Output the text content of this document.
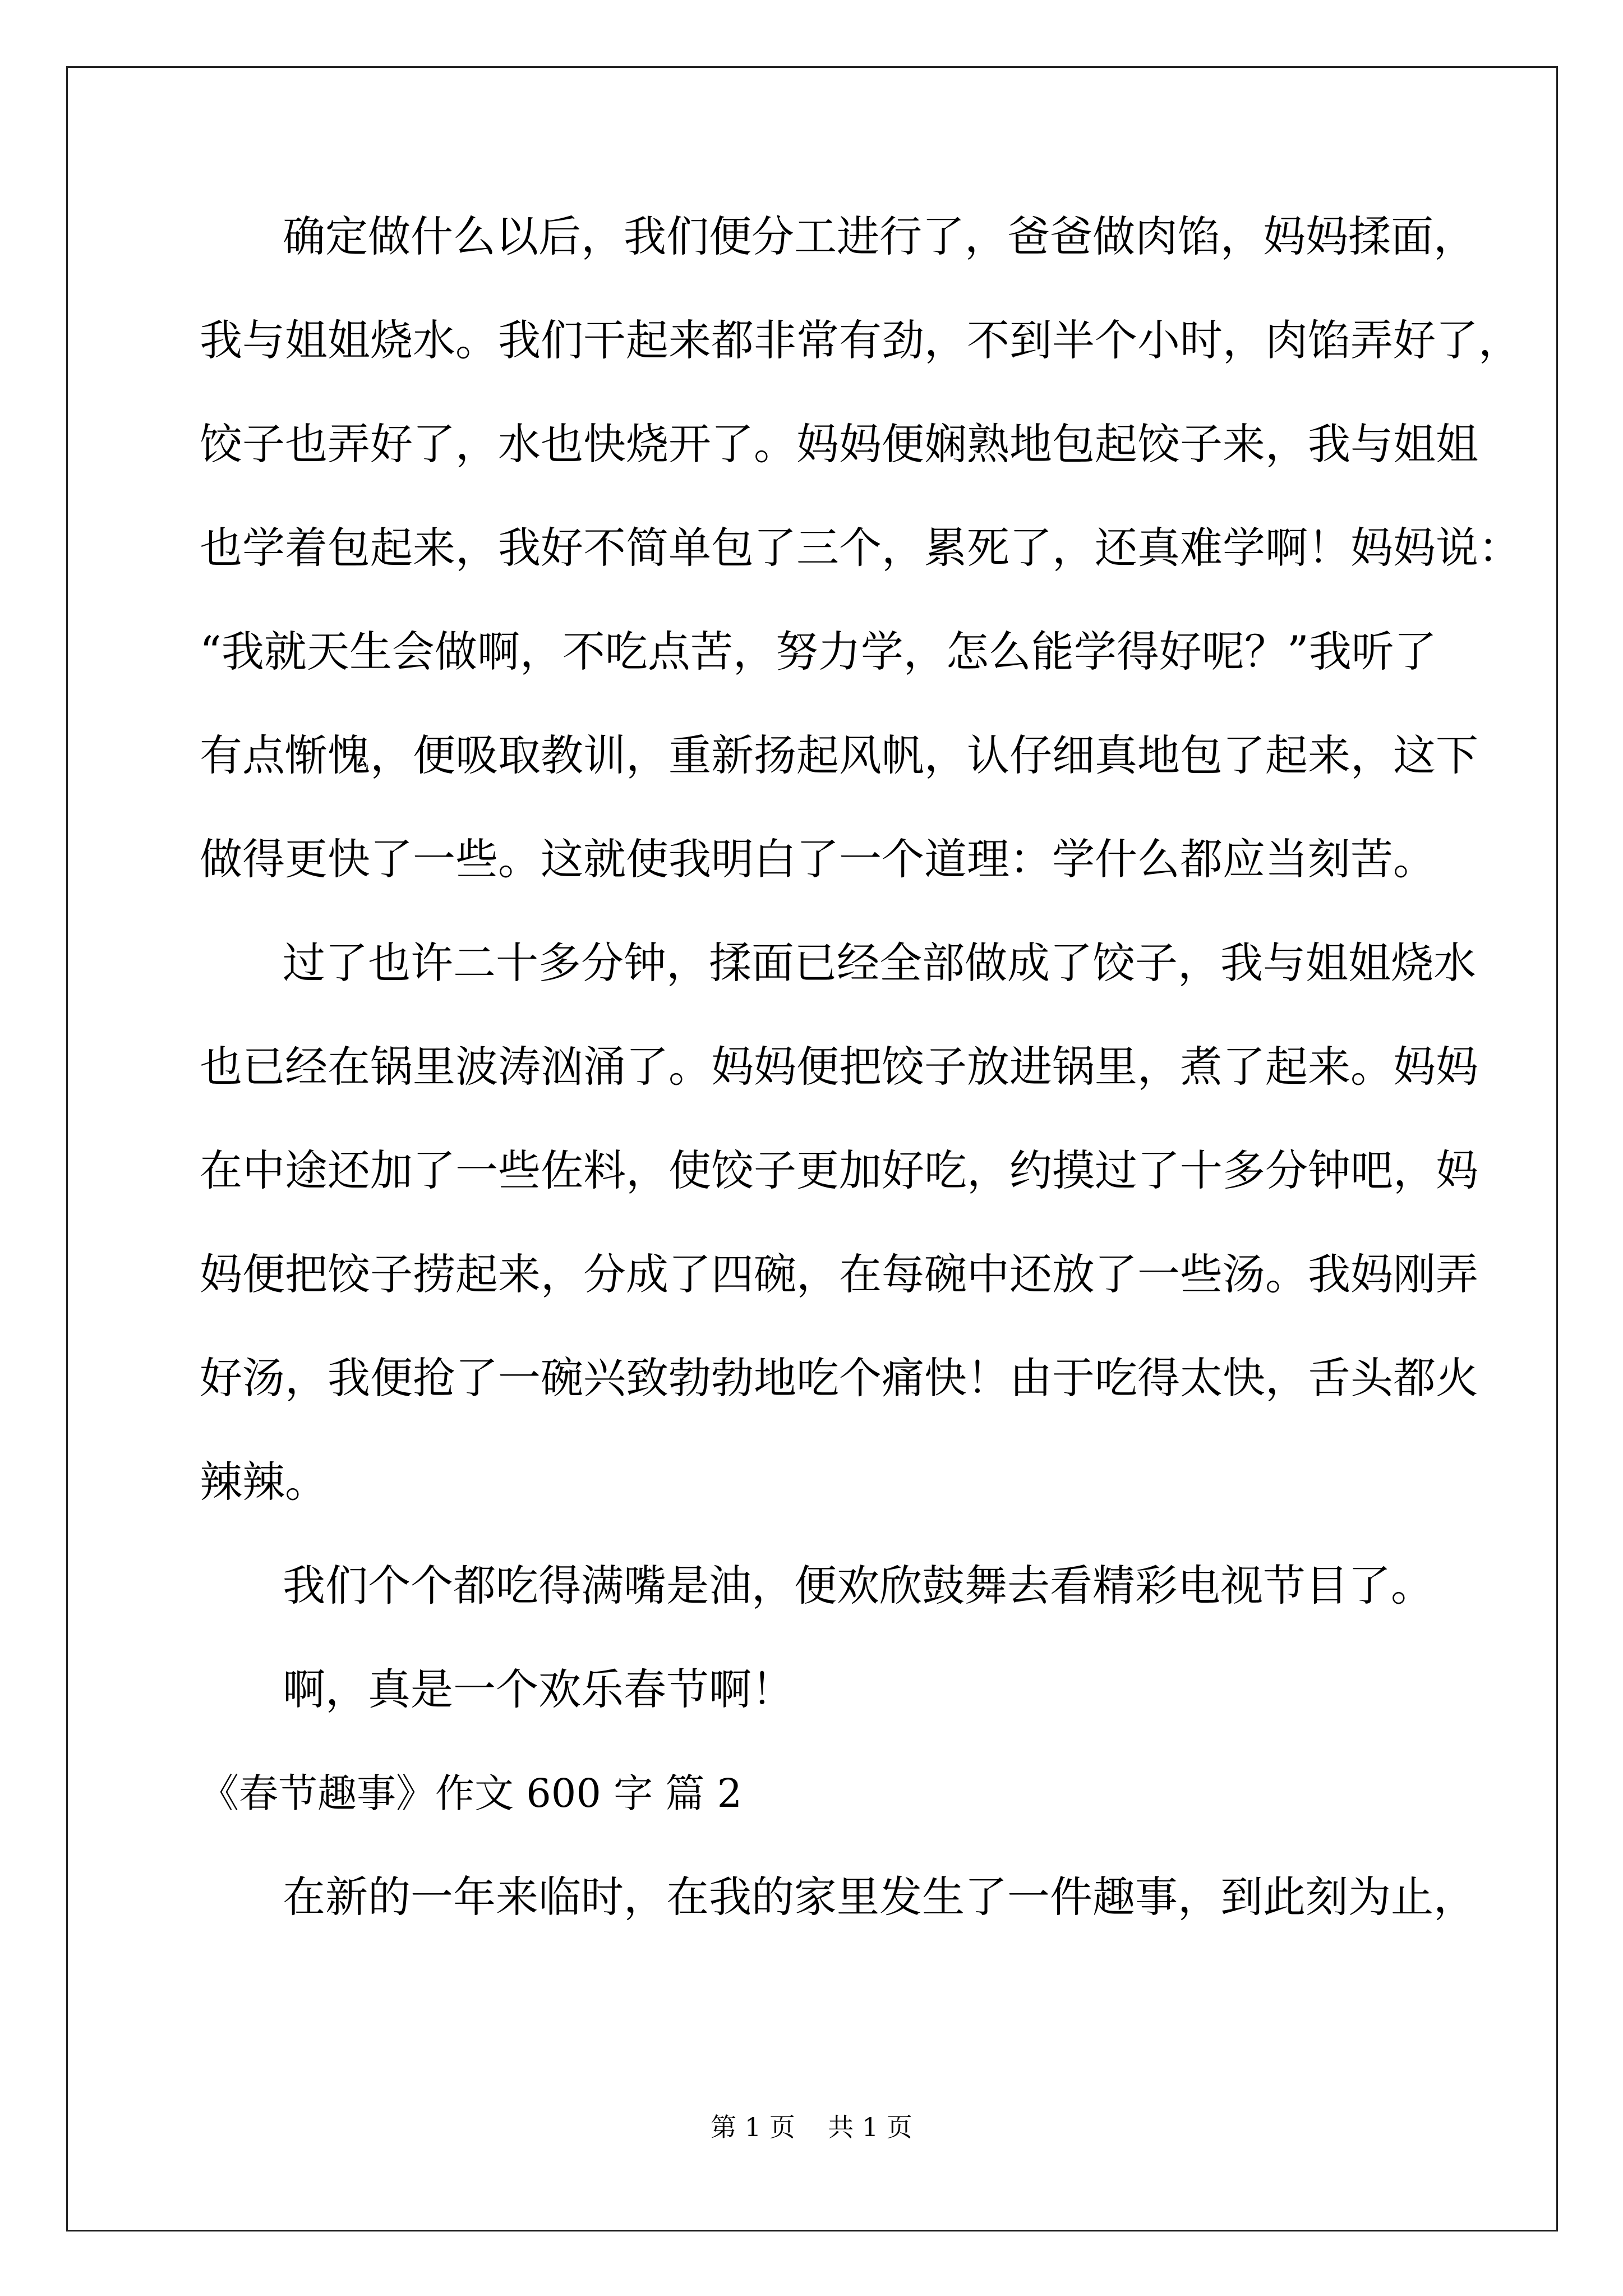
确定做什么以后，我们便分工进行了，爸爸做肉馅，妈妈揉面，
我与姐姐烧水。我们干起来都非常有劲，不到半个小时，肉馅弄好了，
饺子也弄好了，水也快烧开了。妈妈便娴熟地包起饺子来，我与姐姐
也学着包起来，我好不简单包了三个，累死了，还真难学啊！妈妈说：
“我就天生会做啊，不吃点苦，努力学，怎么能学得好呢？”我听了
有点惭愧，便吸取教训，重新扬起风帆，认仔细真地包了起来，这下
做得更快了一些。这就使我明白了一个道理：学什么都应当刻苦。
过了也许二十多分钟，揉面已经全部做成了饺子，我与姐姐烧水
也已经在锅里波涛汹涌了。妈妈便把饺子放进锅里，煮了起来。妈妈
在中途还加了一些佐料，使饺子更加好吃，约摸过了十多分钟吧，妈
妈便把饺子捞起来，分成了四碗，在每碗中还放了一些汤。我妈刚弄
好汤，我便抢了一碗兴致勃勃地吃个痛快！由于吃得太快，舌头都火
辣辣。
我们个个都吃得满嘴是油，便欢欣鼓舞去看精彩电视节目了。
啊，真是一个欢乐春节啊！
《春节趣事》作文 600 字 篇 2
在新的一年来临时，在我的家里发生了一件趣事，到此刻为止，
第 1 页    共 1 页
